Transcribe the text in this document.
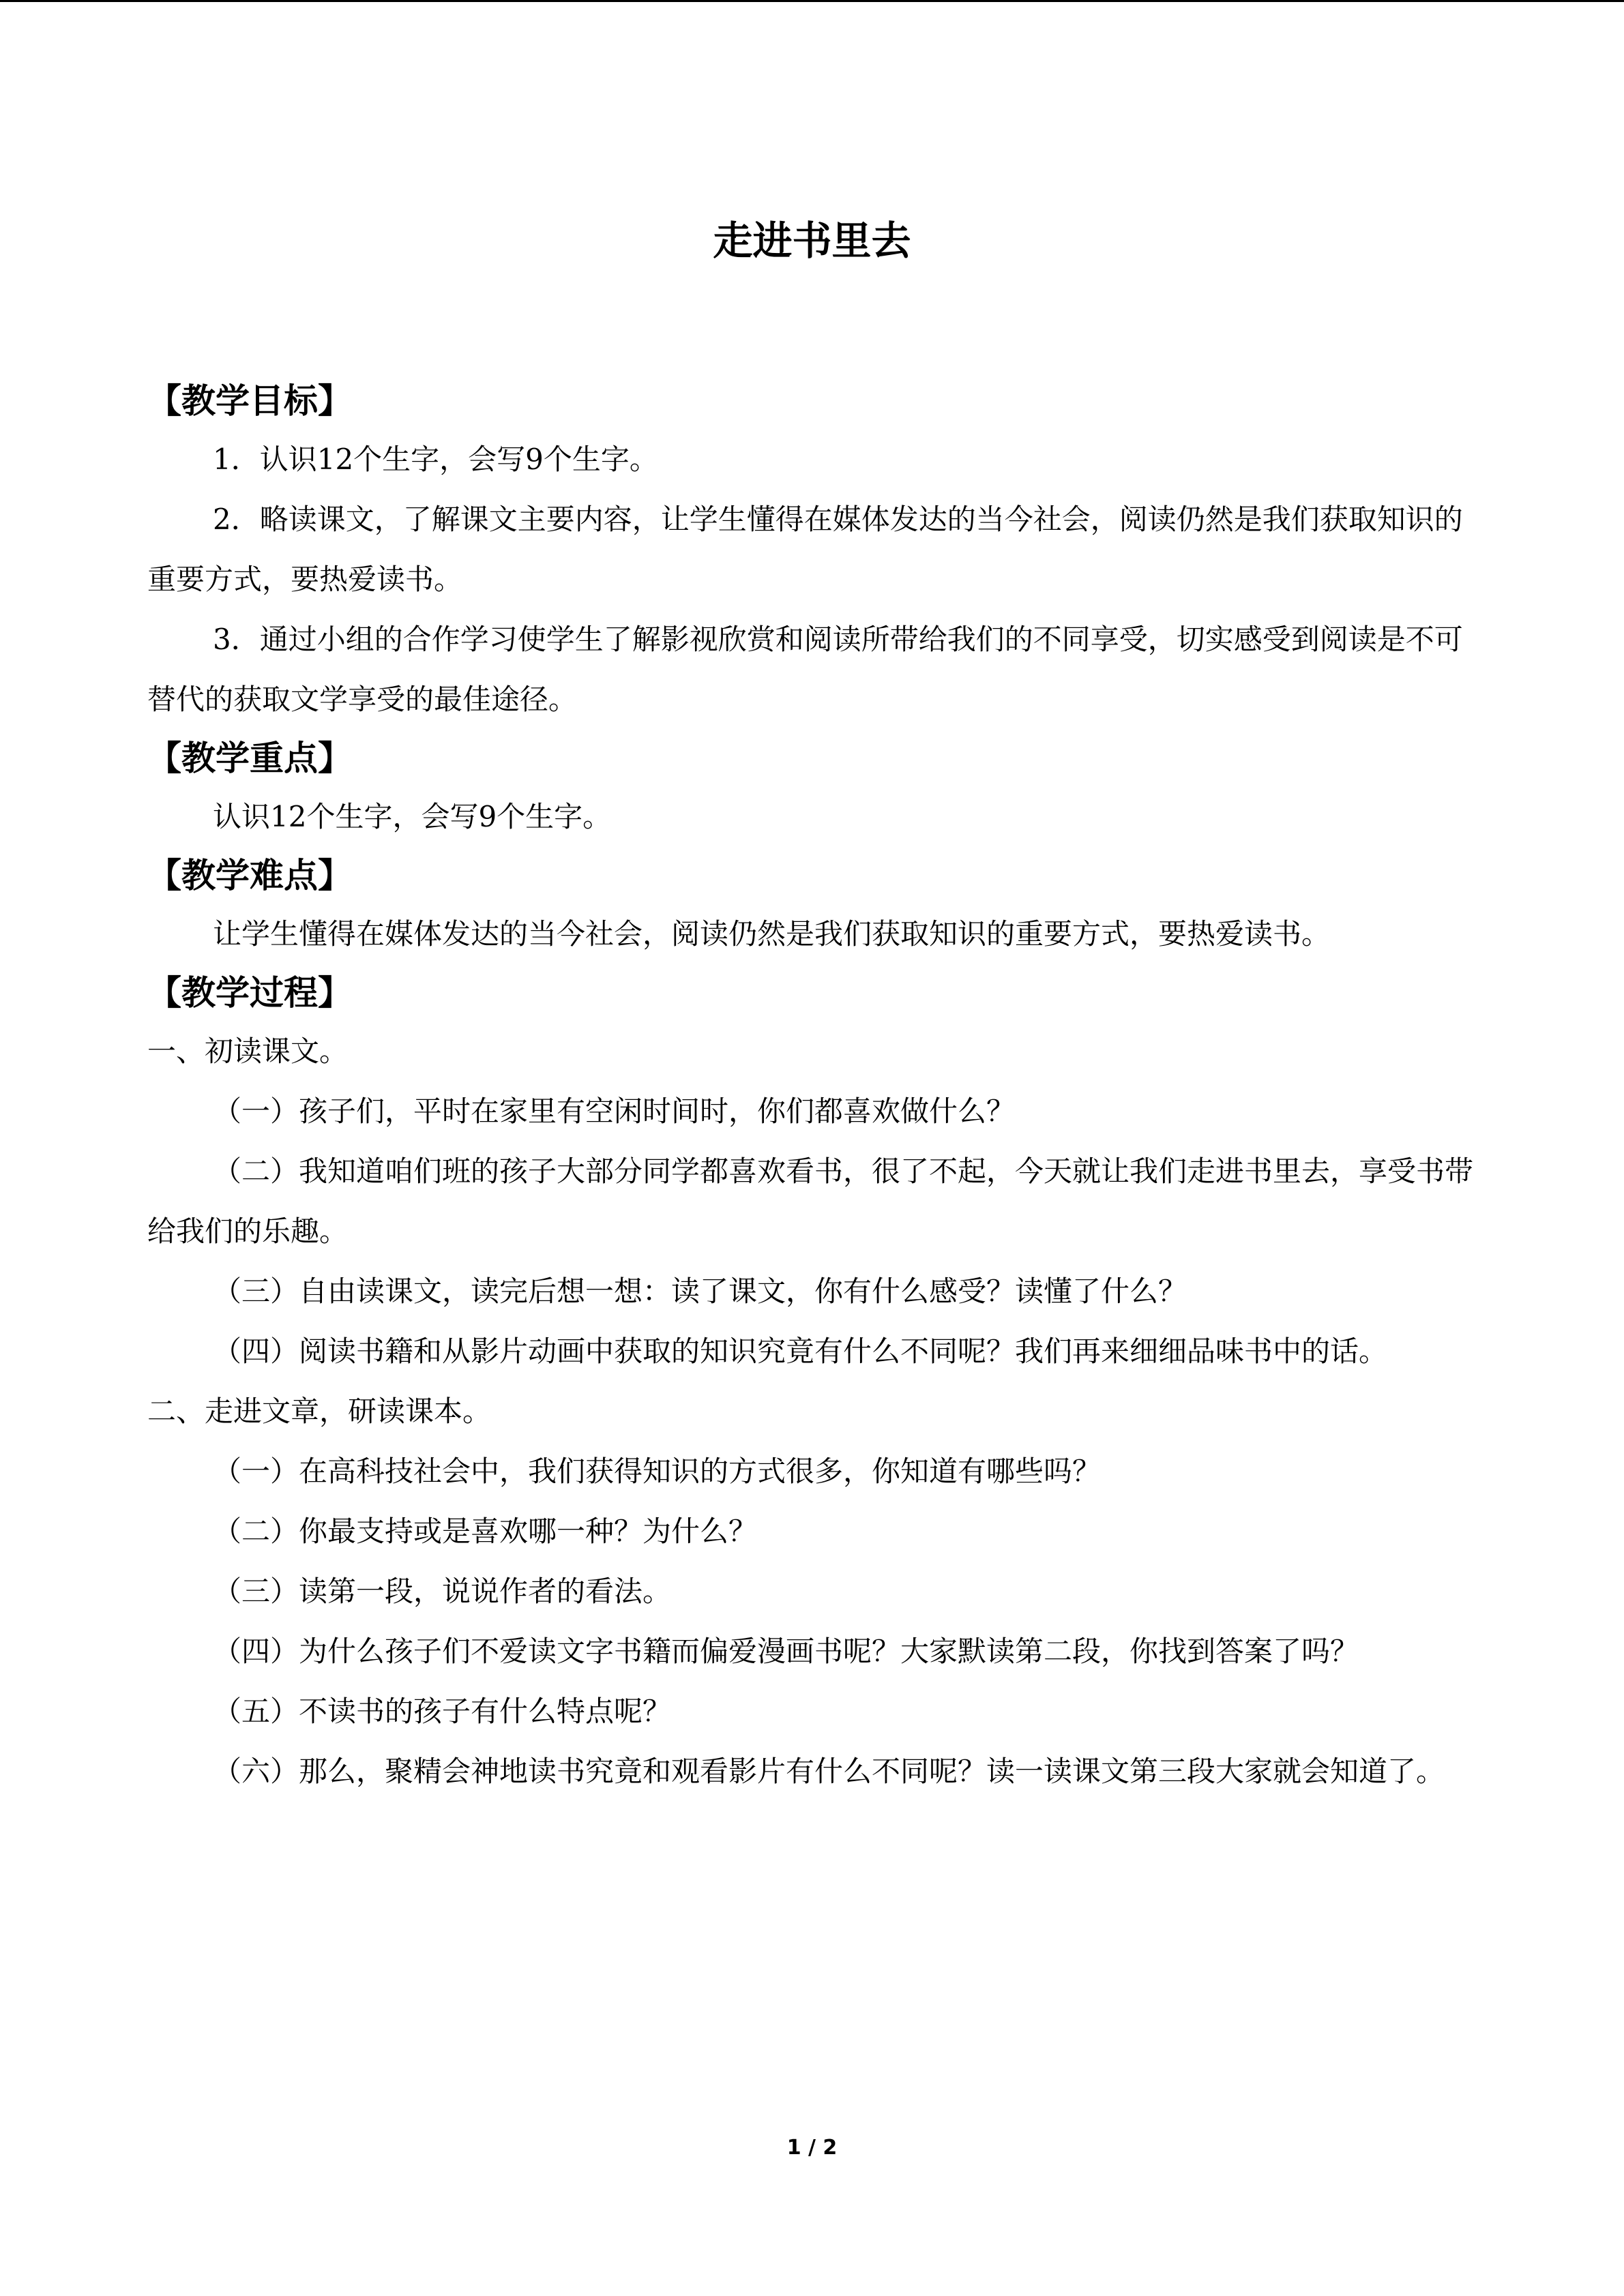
走进书里去
【教学目标】

1．认识12个生字，会写9个生字。

2．略读课文，了解课文主要内容，让学生懂得在媒体发达的当今社会，阅读仍然是我们获取知识的重要方式，要热爱读书。

3．通过小组的合作学习使学生了解影视欣赏和阅读所带给我们的不同享受，切实感受到阅读是不可替代的获取文学享受的最佳途径。

【教学重点】

认识12个生字，会写9个生字。

【教学难点】

让学生懂得在媒体发达的当今社会，阅读仍然是我们获取知识的重要方式，要热爱读书。

【教学过程】
一、初读课文。

（一）孩子们，平时在家里有空闲时间时，你们都喜欢做什么？

（二）我知道咱们班的孩子大部分同学都喜欢看书，很了不起，今天就让我们走进书里去，享受书带给我们的乐趣。

（三）自由读课文，读完后想一想：读了课文，你有什么感受？读懂了什么？

（四）阅读书籍和从影片动画中获取的知识究竟有什么不同呢？我们再来细细品味书中的话。

二、走进文章，研读课本。

（一）在高科技社会中，我们获得知识的方式很多，你知道有哪些吗？

（二）你最支持或是喜欢哪一种？为什么？

（三）读第一段，说说作者的看法。

（四）为什么孩子们不爱读文字书籍而偏爱漫画书呢？大家默读第二段，你找到答案了吗？

（五）不读书的孩子有什么特点呢？

（六）那么，聚精会神地读书究竟和观看影片有什么不同呢？读一读课文第三段大家就会知道了。

1 / 2
